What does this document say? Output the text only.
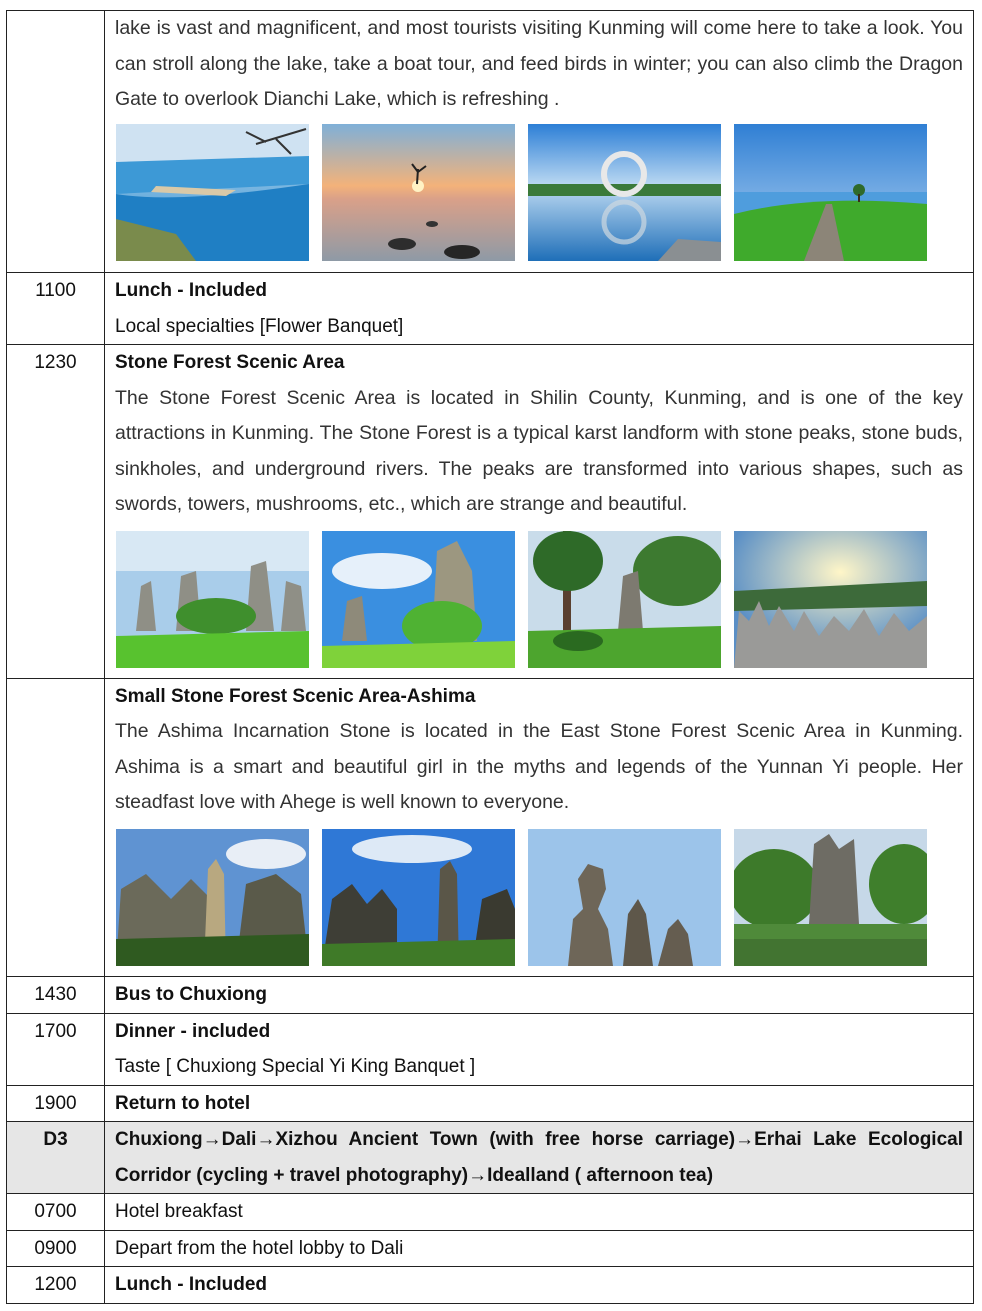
	lake is vast and magnificent, and most tourists visiting Kunming will come here to take a look. You can stroll along the lake, take a boat tour, and feed birds in winter; you can also climb the Dragon Gate to overlook Dianchi Lake, which is refreshing .

1100	Lunch - Included
Local specialties [Flower Banquet]

1230	Stone Forest Scenic Area
The Stone Forest Scenic Area is located in Shilin County, Kunming, and is one of the key attractions in Kunming. The Stone Forest is a typical karst landform with stone peaks, stone buds, sinkholes, and underground rivers. The peaks are transformed into various shapes, such as swords, towers, mushrooms, etc., which are strange and beautiful.

	Small Stone Forest Scenic Area-Ashima
The Ashima Incarnation Stone is located in the East Stone Forest Scenic Area in Kunming. Ashima is a smart and beautiful girl in the myths and legends of the Yunnan Yi people. Her steadfast love with Ahege is well known to everyone.

1430	Bus to Chuxiong

1700	Dinner - included
Taste [ Chuxiong Special Yi King Banquet ]

1900	Return to hotel

D3	Chuxiong→Dali→Xizhou Ancient Town (with free horse carriage)→Erhai Lake Ecological Corridor (cycling + travel photography)→Idealland ( afternoon tea)

0700	Hotel breakfast

0900	Depart from the hotel lobby to Dali

1200	Lunch - Included
